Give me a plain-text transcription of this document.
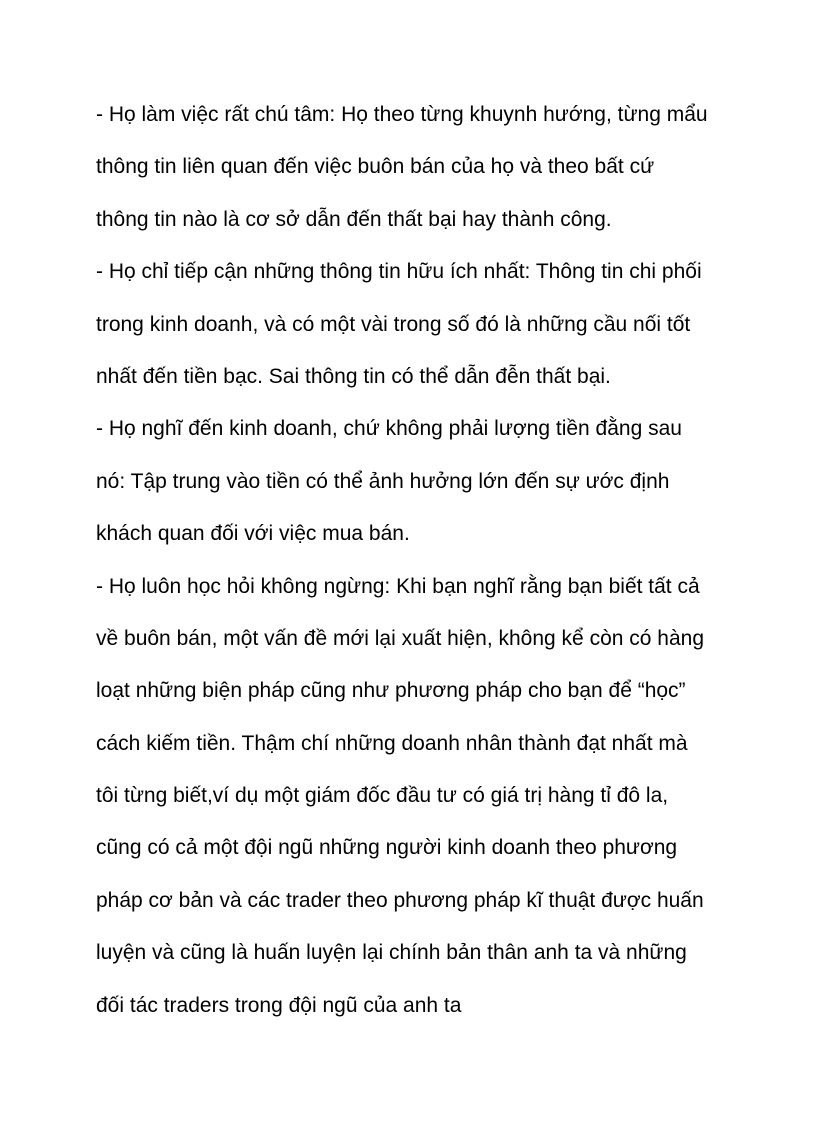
- Họ làm việc rất chú tâm: Họ theo từng khuynh hướng, từng mẩu
thông tin liên quan đến việc buôn bán của họ và theo bất cứ
thông tin nào là cơ sở dẫn đến thất bại hay thành công.
- Họ chỉ tiếp cận những thông tin hữu ích nhất: Thông tin chi phối
trong kinh doanh, và có một vài trong số đó là những cầu nối tốt
nhất đến tiền bạc. Sai thông tin có thể dẫn đễn thất bại.
- Họ nghĩ đến kinh doanh, chứ không phải lượng tiền đằng sau
nó: Tập trung vào tiền có thể ảnh hưởng lớn đến sự ước định
khách quan đối với việc mua bán.
- Họ luôn học hỏi không ngừng: Khi bạn nghĩ rằng bạn biết tất cả
về buôn bán, một vấn đề mới lại xuất hiện, không kể còn có hàng
loạt những biện pháp cũng như phương pháp cho bạn để “học”
cách kiếm tiền. Thậm chí những doanh nhân thành đạt nhất mà
tôi từng biết,ví dụ một giám đốc đầu tư có giá trị hàng tỉ đô la,
cũng có cả một đội ngũ những người kinh doanh theo phương
pháp cơ bản và các trader theo phương pháp kĩ thuật được huấn
luyện và cũng là huấn luyện lại chính bản thân anh ta và những
đối tác traders trong đội ngũ của anh ta
